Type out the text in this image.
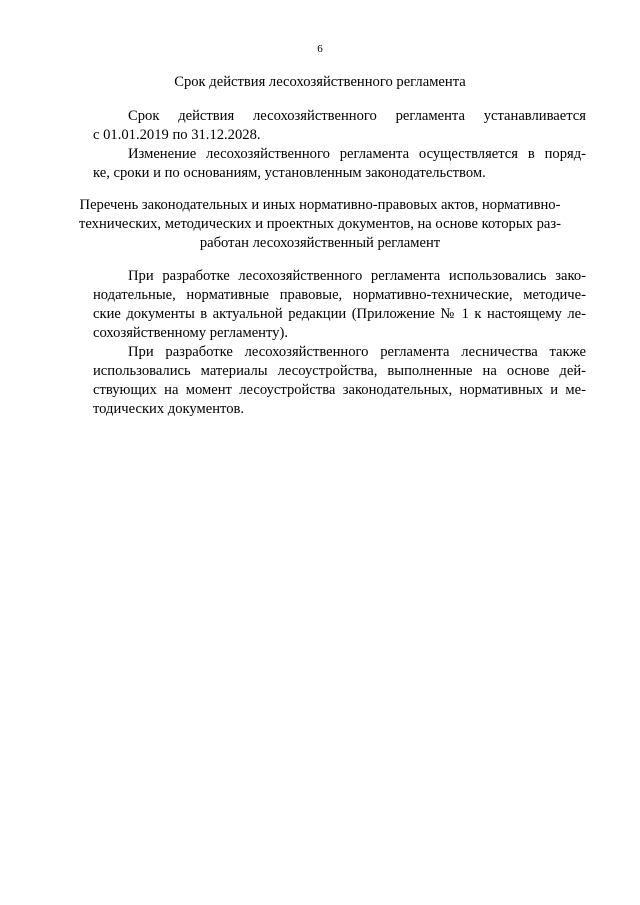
6
Срок действия лесохозяйственного регламента
Срок действия лесохозяйственного регламента устанавливается
с 01.01.2019 по 31.12.2028.
Изменение лесохозяйственного регламента осуществляется в поряд-
ке, сроки и по основаниям, установленным законодательством.
Перечень законодательных и иных нормативно-правовых актов, нормативно-
технических, методических и проектных документов, на основе которых раз-
работан лесохозяйственный регламент
При разработке лесохозяйственного регламента использовались зако-
нодательные, нормативные правовые, нормативно-технические, методиче-
ские документы в актуальной редакции (Приложение № 1 к настоящему ле-
сохозяйственному регламенту).
При разработке лесохозяйственного регламента лесничества также
использовались материалы лесоустройства, выполненные на основе дей-
ствующих на момент лесоустройства законодательных, нормативных и ме-
тодических документов.
